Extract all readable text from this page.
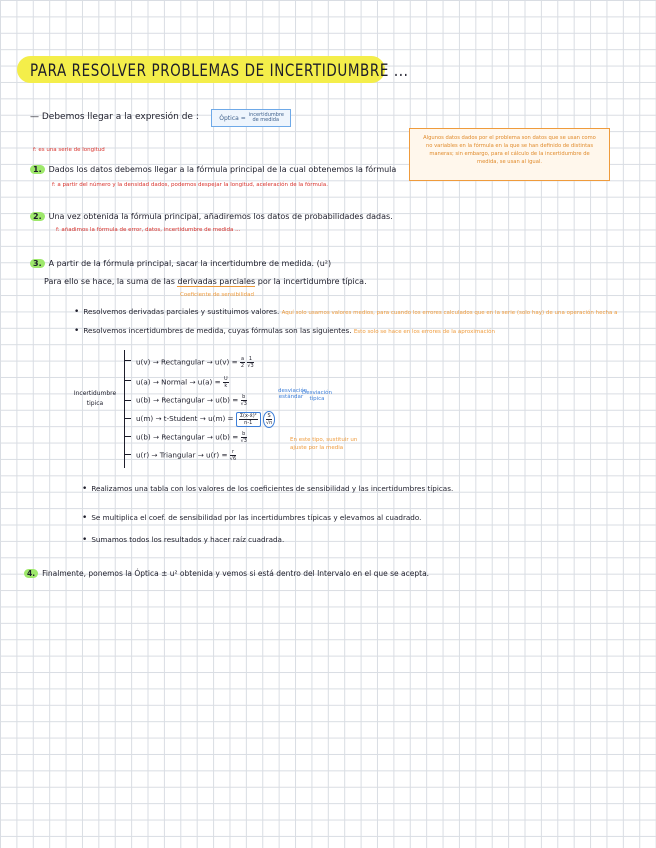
PARA RESOLVER PROBLEMAS DE INCERTIDUMBRE ...
— Debemos llegar a la expresión de :	Óptica = incertidumbre de medida
f: es una serie de longitud
Algunos datos dados por el problema son datos que se usan como no variables en la fórmula en la que se han definido de distintas maneras; sin embargo, para el cálculo de la incertidumbre de medida, se usan al igual.
1. Dados los datos debemos llegar a la fórmula principal de la cual obtenemos la fórmula
f: a partir del número y la densidad dados, podemos despejar la longitud, aceleración de la fórmula.
2. Una vez obtenida la fórmula principal, añadiremos los datos de probabilidades dadas.
f: añadimos la fórmula de error, datos, incertidumbre de medida ...
3. A partir de la fórmula principal, sacar la incertidumbre de medida. (u²)
Para ello se hace, la suma de las derivadas parciales por la incertidumbre típica.
Coeficiente de sensibilidad
• Resolvemos derivadas parciales y sustituimos valores. Aquí solo usamos valores medios, para cuando los errores calculados que en la serie (solo hay) de una operación hecha a
• Resolvemos incertidumbres de medida, cuyas fórmulas son las siguientes. Esto solo se hace en los errores de la aproximación
Incertidumbre tipica
u(v) → Rectangular → $u(v) = \frac{a}{2} \frac{1}{√3}$
u(a) → Normal → $u(a) = \frac{U}{k}$
u(b) → Rectangular → $u(b) = \frac{b}{√3}$
u(m) → t-Student → $u(m) = \frac{\text{Σ(x-x̄)²}}{n-1} \frac{S}{√n}$
u(b) → Rectangular → $u(b) = \frac{b}{√3}$
u(r) → Triangular → $u(r) = \frac{r}{√6}$
desviación estándar
Desviación típica
En este tipo, sustituir un ajuste por la media
• Realizamos una tabla con los valores de los coeficientes de sensibilidad y las incertidumbres típicas.
• Se multiplica el coef. de sensibilidad por las incertidumbres típicas y elevamos al cuadrado.
• Sumamos todos los resultados y hacer raíz cuadrada.
4. Finalmente, ponemos la Óptica ± u² obtenida y vemos si está dentro del Intervalo en el que se acepta.
